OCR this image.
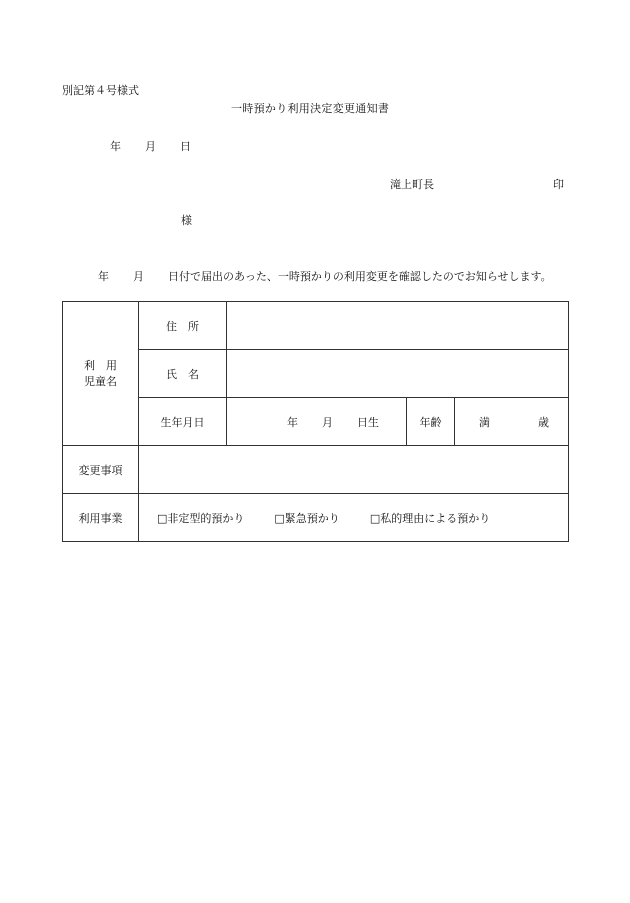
別記第４号様式
一時預かり利用決定変更通知書
年 月 日
滝上町長	印
様
年 月 日付で届出のあった、一時預かりの利用変更を確認したのでお知らせします。
利　用
児童名	住　所			
	氏　名			
	生年月日	年 月 日生	年齢	満 歳
変更事項				
利用事業	□非定型的預かり □緊急預かり □私的理由による預かり			
